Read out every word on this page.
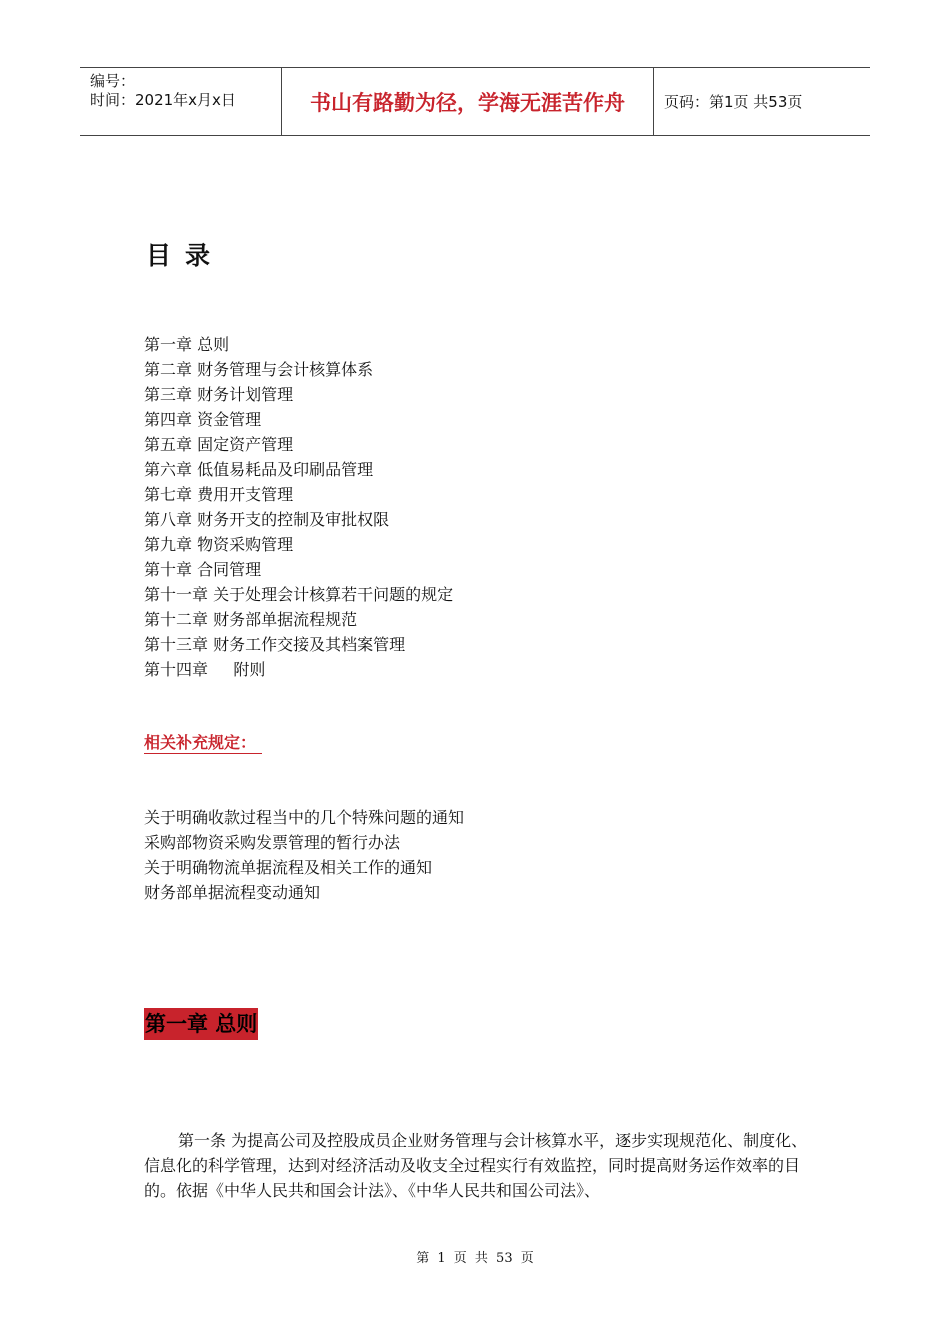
编号：
时间：2021年x月x日	书山有路勤为径，学海无涯苦作舟	页码：第1页 共53页
目录
第一章 总则
第二章 财务管理与会计核算体系
第三章 财务计划管理
第四章 资金管理
第五章 固定资产管理
第六章 低值易耗品及印刷品管理
第七章 费用开支管理
第八章 财务开支的控制及审批权限
第九章 物资采购管理
第十章 合同管理
第十一章 关于处理会计核算若干问题的规定
第十二章 财务部单据流程规范
第十三章 财务工作交接及其档案管理
第十四章     附则
相关补充规定：
关于明确收款过程当中的几个特殊问题的通知
采购部物资采购发票管理的暂行办法
关于明确物流单据流程及相关工作的通知
财务部单据流程变动通知
第一章 总则

第一条 为提高公司及控股成员企业财务管理与会计核算水平，逐步实现规范化、制度化、信息化的科学管理，达到对经济活动及收支全过程实行有效监控，同时提高财务运作效率的目的。依据《中华人民共和国会计法》、《中华人民共和国公司法》、

第 1 页 共 53 页
